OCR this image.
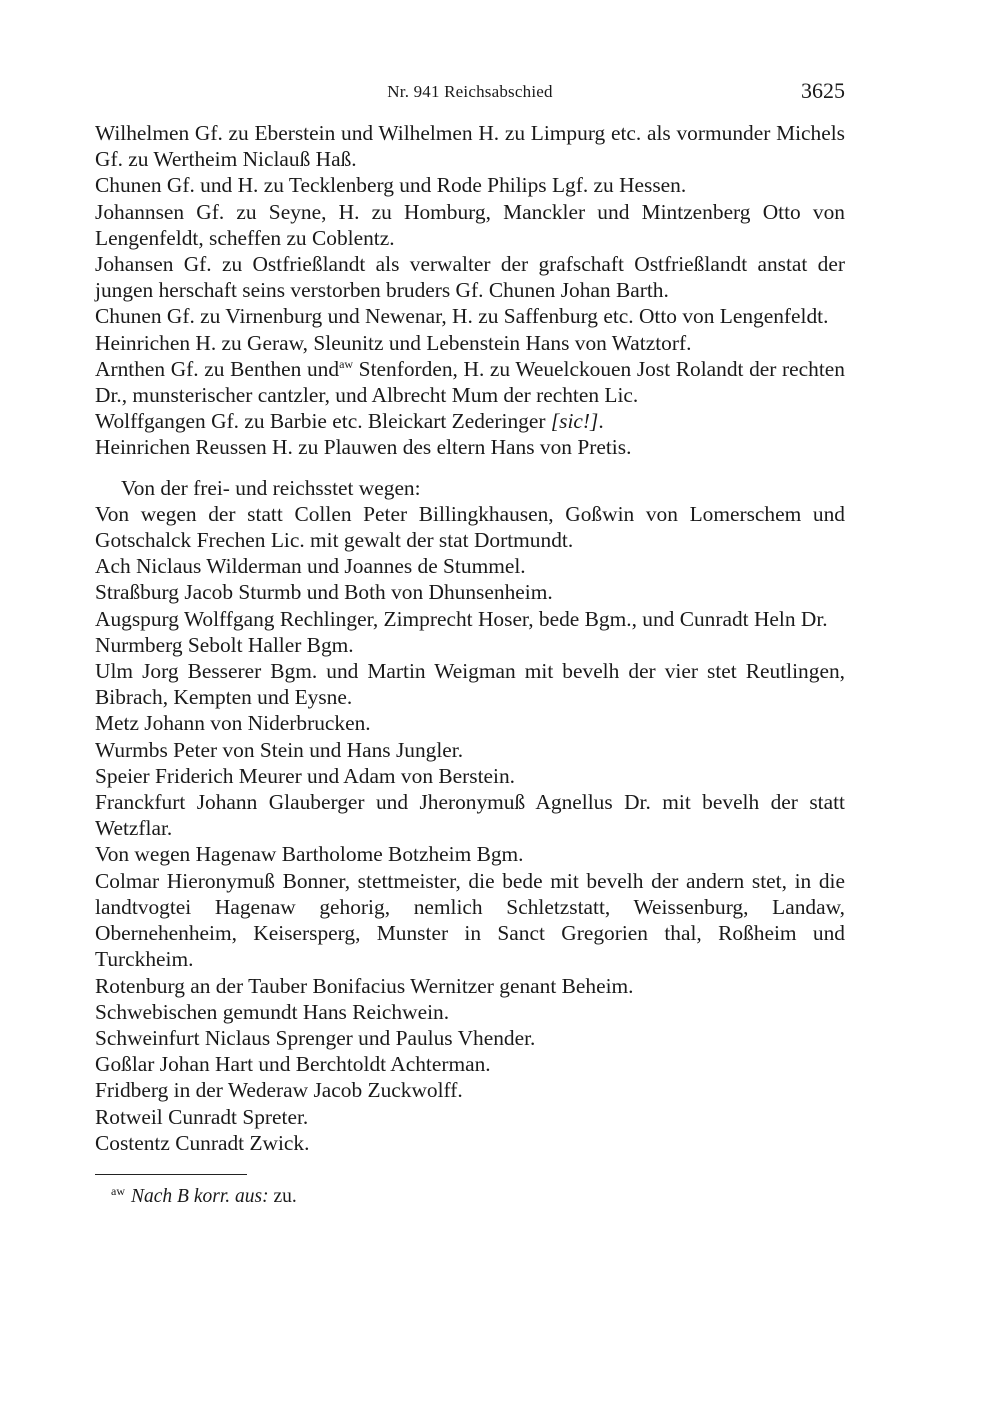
Nr. 941 Reichsabschied	3625

Wilhelmen Gf. zu Eberstein und Wilhelmen H. zu Limpurg etc. als vormunder Michels Gf. zu Wertheim Niclauß Haß.

Chunen Gf. und H. zu Tecklenberg und Rode Philips Lgf. zu Hessen.

Johannsen Gf. zu Seyne, H. zu Homburg, Manckler und Mintzenberg Otto von Lengenfeldt, scheffen zu Coblentz.

Johansen Gf. zu Ostfrießlandt als verwalter der grafschaft Ostfrießlandt anstat der jungen herschaft seins verstorben bruders Gf. Chunen Johan Barth.

Chunen Gf. zu Virnenburg und Newenar, H. zu Saffenburg etc. Otto von Lengenfeldt.

Heinrichen H. zu Geraw, Sleunitz und Lebenstein Hans von Watztorf.

Arnthen Gf. zu Benthen und$^{aw}$ Stenforden, H. zu Weuelckouen Jost Rolandt der rechten Dr., munsterischer cantzler, und Albrecht Mum der rechten Lic.

Wolffgangen Gf. zu Barbie etc. Bleickart Zederinger [sic!].

Heinrichen Reussen H. zu Plauwen des eltern Hans von Pretis.

Von der frei- und reichsstet wegen:

Von wegen der statt Collen Peter Billingkhausen, Goßwin von Lomerschem und Gotschalck Frechen Lic. mit gewalt der stat Dortmundt.

Ach Niclaus Wilderman und Joannes de Stummel.

Straßburg Jacob Sturmb und Both von Dhunsenheim.

Augspurg Wolffgang Rechlinger, Zimprecht Hoser, bede Bgm., und Cunradt Heln Dr.

Nurmberg Sebolt Haller Bgm.

Ulm Jorg Besserer Bgm. und Martin Weigman mit bevelh der vier stet Reutlingen, Bibrach, Kempten und Eysne.

Metz Johann von Niderbrucken.

Wurmbs Peter von Stein und Hans Jungler.

Speier Friderich Meurer und Adam von Berstein.

Franckfurt Johann Glauberger und Jheronymuß Agnellus Dr. mit bevelh der statt Wetzflar.

Von wegen Hagenaw Bartholome Botzheim Bgm.

Colmar Hieronymuß Bonner, stettmeister, die bede mit bevelh der andern stet, in die landtvogtei Hagenaw gehorig, nemlich Schletzstatt, Weissenburg, Landaw, Obernehenheim, Keisersperg, Munster in Sanct Gregorien thal, Roßheim und Turckheim.

Rotenburg an der Tauber Bonifacius Wernitzer genant Beheim.

Schwebischen gemundt Hans Reichwein.

Schweinfurt Niclaus Sprenger und Paulus Vhender.

Goßlar Johan Hart und Berchtoldt Achterman.

Fridberg in der Wederaw Jacob Zuckwolff.

Rotweil Cunradt Spreter.

Costentz Cunradt Zwick.

$^{aw}$ Nach B korr. aus: zu.
